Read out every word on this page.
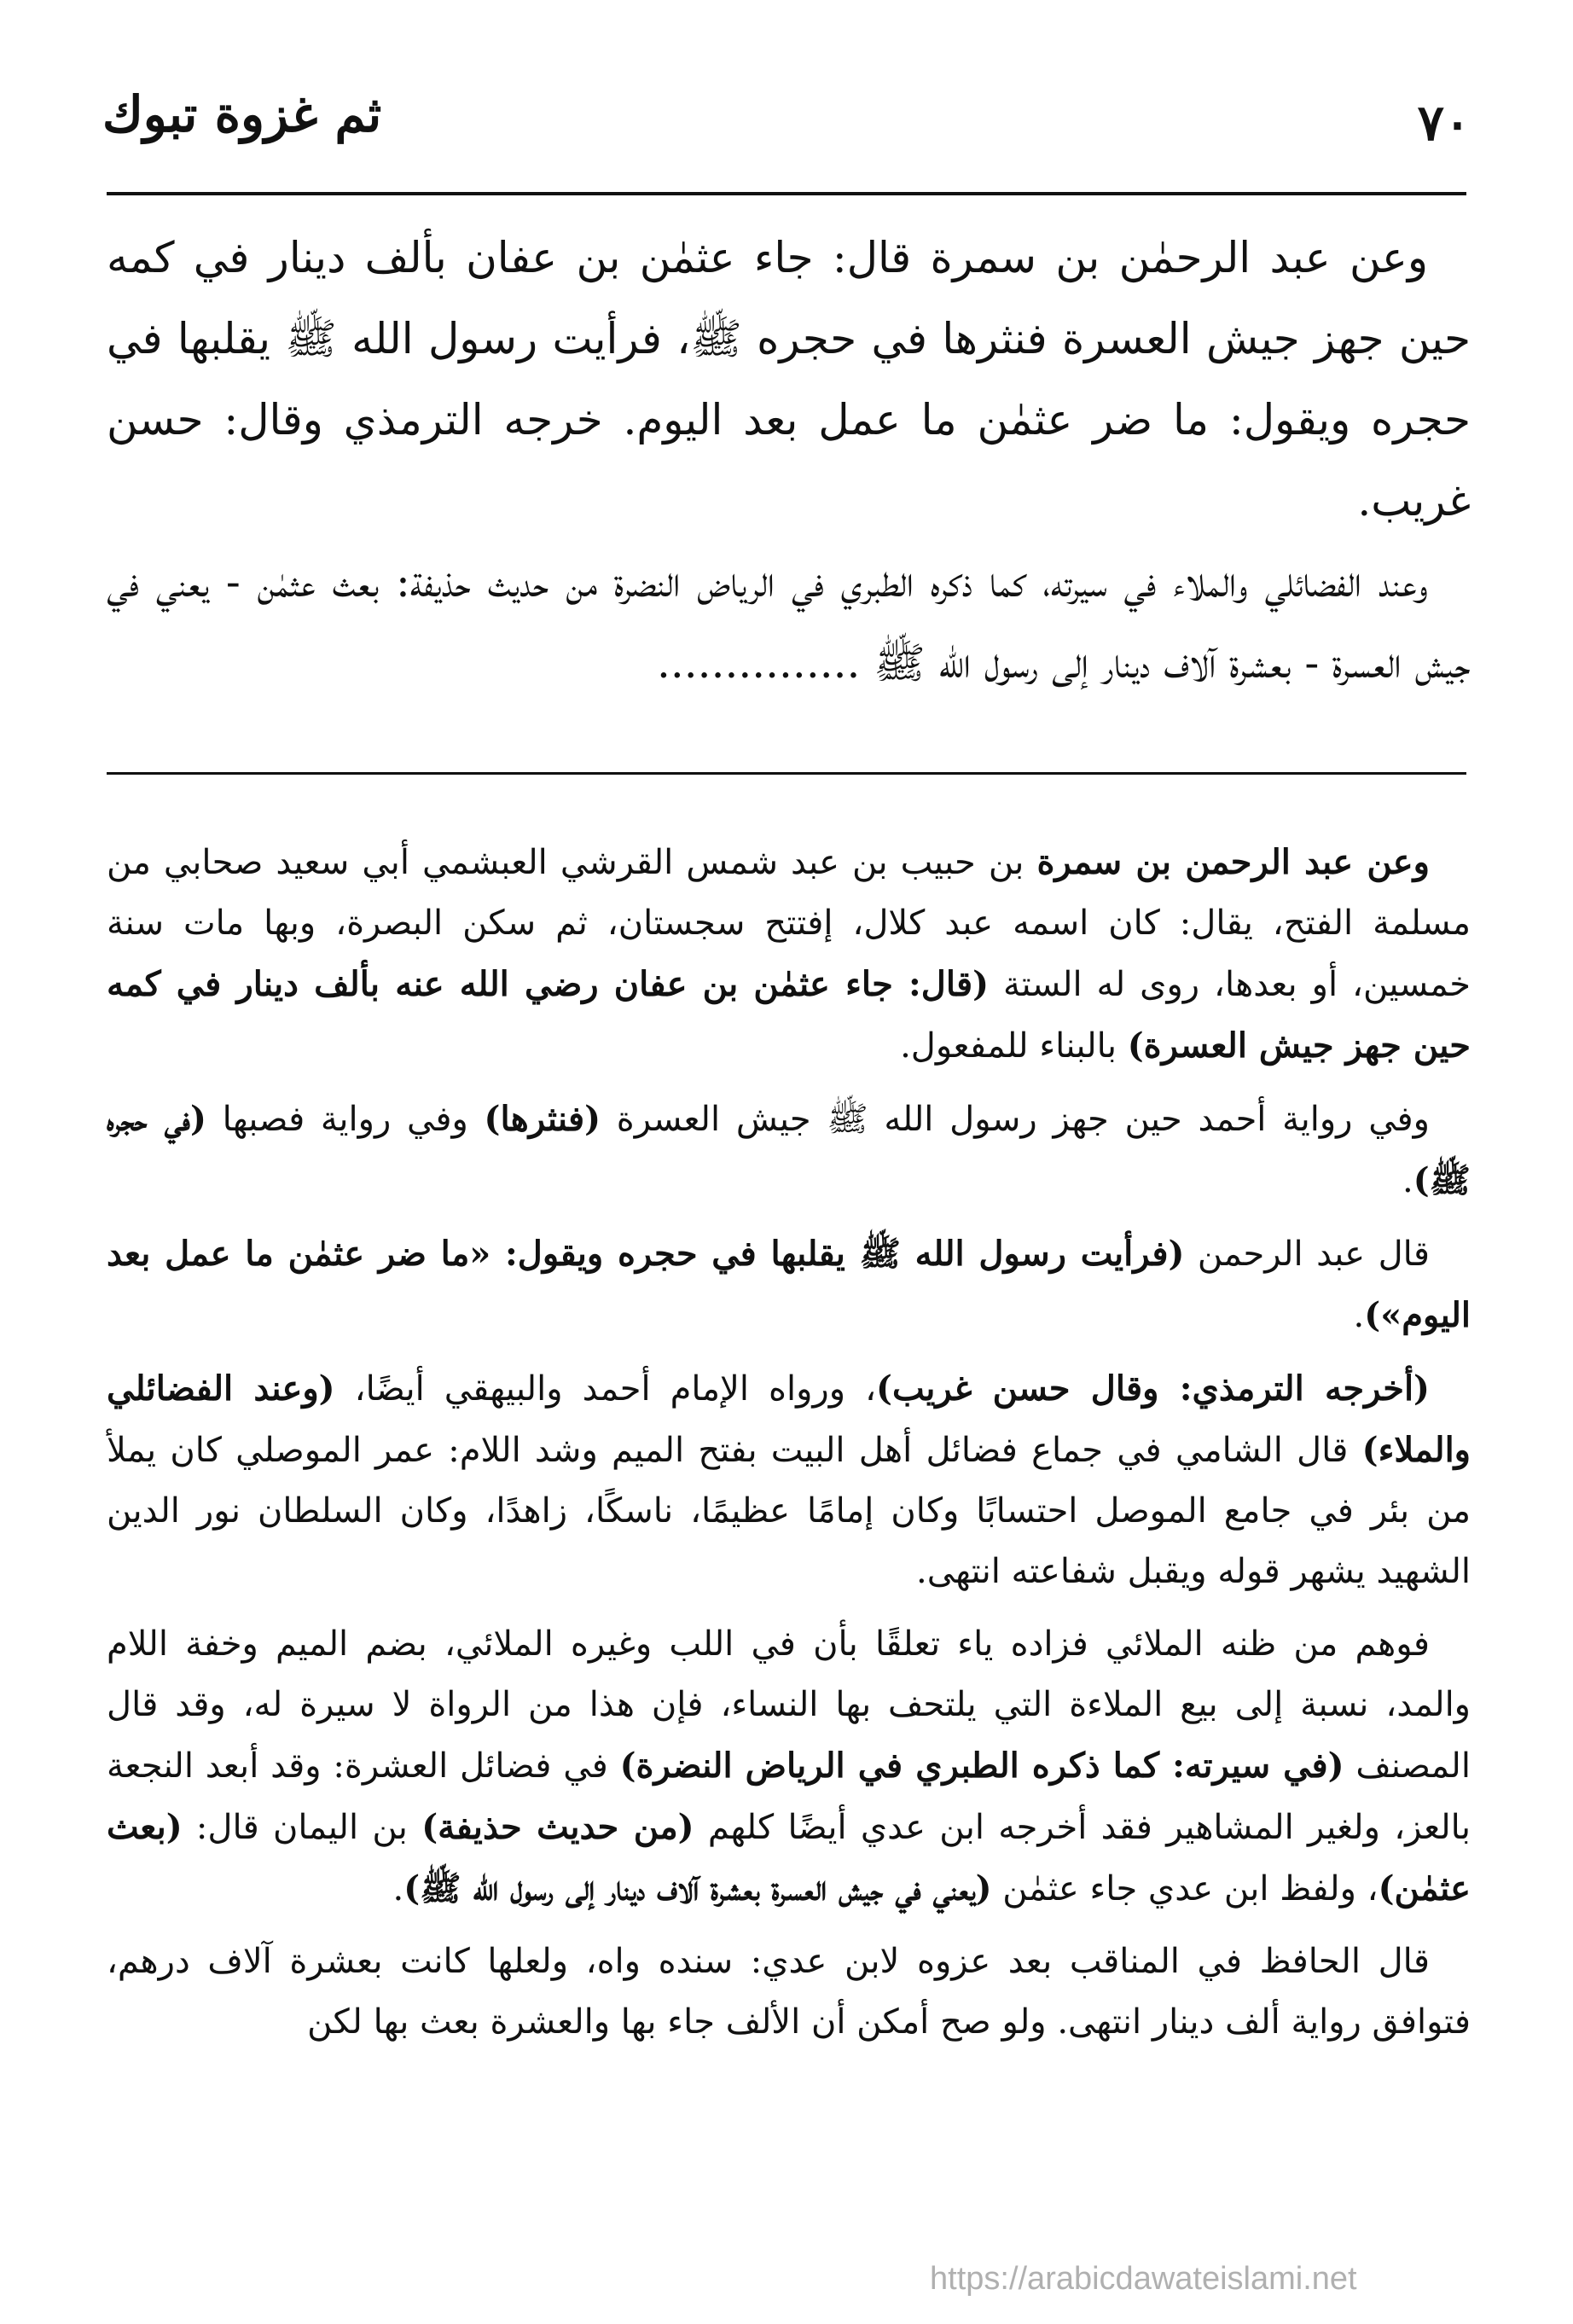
٧٠
ثم غزوة تبوك

وعن عبد الرحمٰن بن سمرة قال: جاء عثمٰن بن عفان بألف دينار في كمه حين جهز جيش العسرة فنثرها في حجره ﷺ، فرأيت رسول الله ﷺ يقلبها في حجره ويقول: ما ضر عثمٰن ما عمل بعد اليوم. خرجه الترمذي وقال: حسن غريب.

وعند الفضائلي والملاء في سيرته، كما ذكره الطبري في الرياض النضرة من حديث حذيفة: بعث عثمٰن - يعني في جيش العسرة - بعشرة آلاف دينار إلى رسول الله ﷺ ...............

وعن عبد الرحمن بن سمرة بن حبيب بن عبد شمس القرشي العبشمي أبي سعيد صحابي من مسلمة الفتح، يقال: كان اسمه عبد كلال، إفتتح سجستان، ثم سكن البصرة، وبها مات سنة خمسين، أو بعدها، روى له الستة (قال: جاء عثمٰن بن عفان رضي الله عنه بألف دينار في كمه حين جهز جيش العسرة) بالبناء للمفعول.

وفي رواية أحمد حين جهز رسول الله ﷺ جيش العسرة (فنثرها) وفي رواية فصبها (في حجره ﷺ).

قال عبد الرحمن (فرأيت رسول الله ﷺ يقلبها في حجره ويقول: «ما ضر عثمٰن ما عمل بعد اليوم»).

(أخرجه الترمذي: وقال حسن غريب)، ورواه الإمام أحمد والبيهقي أيضًا، (وعند الفضائلي والملاء) قال الشامي في جماع فضائل أهل البيت بفتح الميم وشد اللام: عمر الموصلي كان يملأ من بئر في جامع الموصل احتسابًا وكان إمامًا عظيمًا، ناسكًا، زاهدًا، وكان السلطان نور الدين الشهيد يشهر قوله ويقبل شفاعته انتهى.

فوهم من ظنه الملائي فزاده ياء تعلقًا بأن في اللب وغيره الملائي، بضم الميم وخفة اللام والمد، نسبة إلى بيع الملاءة التي يلتحف بها النساء، فإن هذا من الرواة لا سيرة له، وقد قال المصنف (في سيرته: كما ذكره الطبري في الرياض النضرة) في فضائل العشرة: وقد أبعد النجعة بالعز، ولغير المشاهير فقد أخرجه ابن عدي أيضًا كلهم (من حديث حذيفة) بن اليمان قال: (بعث عثمٰن)، ولفظ ابن عدي جاء عثمٰن (يعني في جيش العسرة بعشرة آلاف دينار إلى رسول الله ﷺ).

قال الحافظ في المناقب بعد عزوه لابن عدي: سنده واه، ولعلها كانت بعشرة آلاف درهم، فتوافق رواية ألف دينار انتهى. ولو صح أمكن أن الألف جاء بها والعشرة بعث بها لكن

https://arabicdawateislami.net
